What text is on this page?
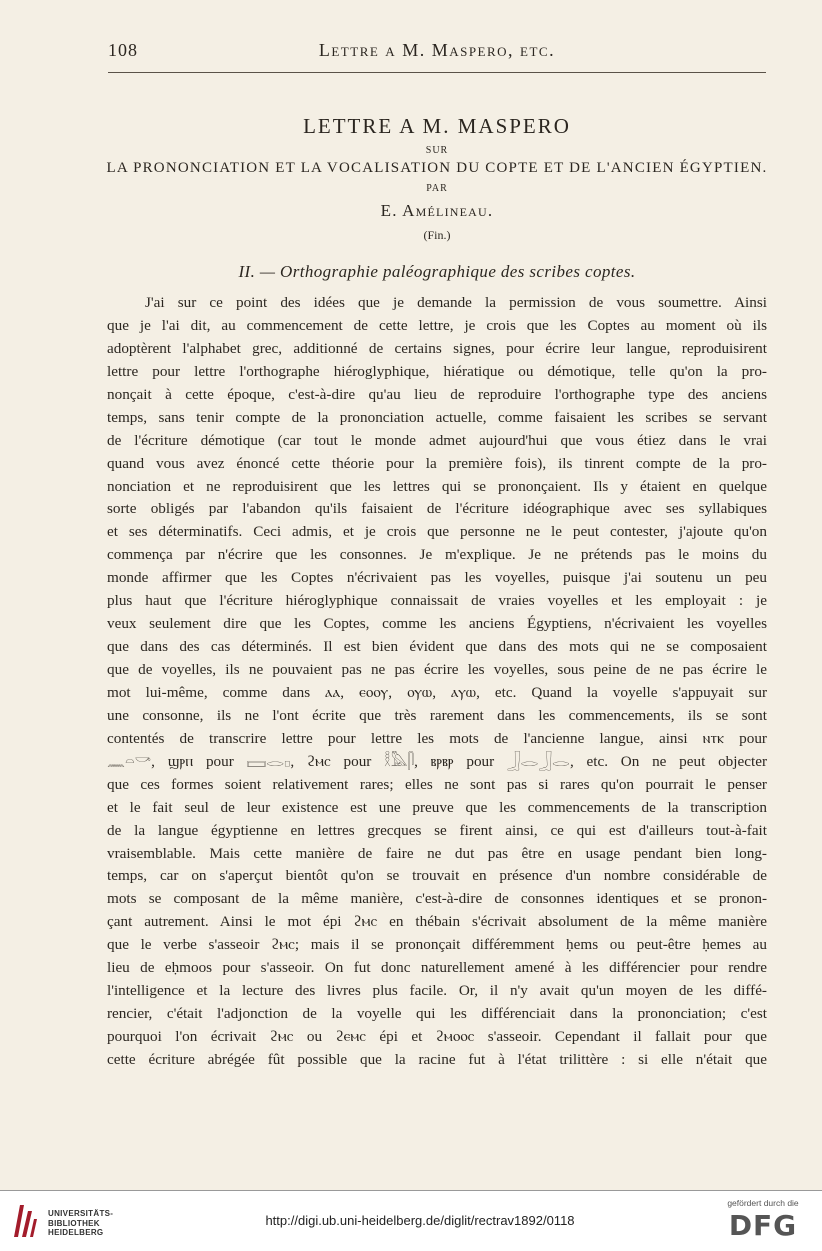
108	Lettre a M. Maspero, etc.
LETTRE A M. MASPERO
SUR
LA PRONONCIATION ET LA VOCALISATION DU COPTE ET DE L'ANCIEN ÉGYPTIEN.
PAR
E. Amélineau.
(Fin.)
II. — Orthographie paléographique des scribes coptes.
J'ai sur ce point des idées que je demande la permission de vous soumettre. Ainsi
que je l'ai dit, au commencement de cette lettre, je crois que les Coptes au moment où ils
adoptèrent l'alphabet grec, additionné de certains signes, pour écrire leur langue, reproduisirent
lettre pour lettre l'orthographe hiéroglyphique, hiératique ou démotique, telle qu'on la pro-
nonçait à cette époque, c'est-à-dire qu'au lieu de reproduire l'orthographe type des anciens
temps, sans tenir compte de la prononciation actuelle, comme faisaient les scribes se servant
de l'écriture démotique (car tout le monde admet aujourd'hui que vous étiez dans le vrai
quand vous avez énoncé cette théorie pour la première fois), ils tinrent compte de la pro-
nonciation et ne reproduisirent que les lettres qui se prononçaient. Ils y étaient en quelque
sorte obligés par l'abandon qu'ils faisaient de l'écriture idéographique avec ses syllabiques
et ses déterminatifs. Ceci admis, et je crois que personne ne le peut contester, j'ajoute qu'on
commença par n'écrire que les consonnes. Je m'explique. Je ne prétends pas le moins du
monde affirmer que les Coptes n'écrivaient pas les voyelles, puisque j'ai soutenu un peu
plus haut que l'écriture hiéroglyphique connaissait de vraies voyelles et les employait : je
veux seulement dire que les Coptes, comme les anciens Égyptiens, n'écrivaient les voyelles
que dans des cas déterminés. Il est bien évident que dans des mots qui ne se composaient
que de voyelles, ils ne pouvaient pas ne pas écrire les voyelles, sous peine de ne pas écrire le
mot lui-même, comme dans ⲁⲁ, ⲉⲟⲟⲩ, ⲟⲩⲱ, ⲁⲩⲱ, etc. Quand la voyelle s'appuyait sur
une consonne, ils ne l'ont écrite que très rarement dans les commencements, ils se sont
contentés de transcrire lettre pour lettre les mots de l'ancienne langue, ainsi ⲛⲧⲕ pour
𓈖𓏏𓎡, ϣⲣⲡ pour 𓈙𓂋𓊪, ϩⲙⲥ pour 𓎛𓅓𓋴, ⲃⲣⲃⲣ pour 𓃀𓂋𓃀𓂋, etc. On ne peut objecter
que ces formes soient relativement rares; elles ne sont pas si rares qu'on pourrait le penser
et le fait seul de leur existence est une preuve que les commencements de la transcription
de la langue égyptienne en lettres grecques se firent ainsi, ce qui est d'ailleurs tout-à-fait
vraisemblable. Mais cette manière de faire ne dut pas être en usage pendant bien long-
temps, car on s'aperçut bientôt qu'on se trouvait en présence d'un nombre considérable de
mots se composant de la même manière, c'est-à-dire de consonnes identiques et se pronon-
çant autrement. Ainsi le mot épi ϩⲙⲥ en thébain s'écrivait absolument de la même manière
que le verbe s'asseoir ϩⲙⲥ; mais il se prononçait différemment ḥems ou peut-être ḥemes au
lieu de eḥmoos pour s'asseoir. On fut donc naturellement amené à les différencier pour rendre
l'intelligence et la lecture des livres plus facile. Or, il n'y avait qu'un moyen de les diffé-
rencier, c'était l'adjonction de la voyelle qui les différenciait dans la prononciation; c'est
pourquoi l'on écrivait ϩⲙⲥ ou ϩⲉⲙⲥ épi et ϩⲙⲟⲟⲥ s'asseoir. Cependant il fallait pour que
cette écriture abrégée fût possible que la racine fut à l'état trilittère : si elle n'était que
UNIVERSITÄTS-
BIBLIOTHEK
HEIDELBERG
http://digi.ub.uni-heidelberg.de/diglit/rectrav1892/0118
gefördert durch die
DFG
